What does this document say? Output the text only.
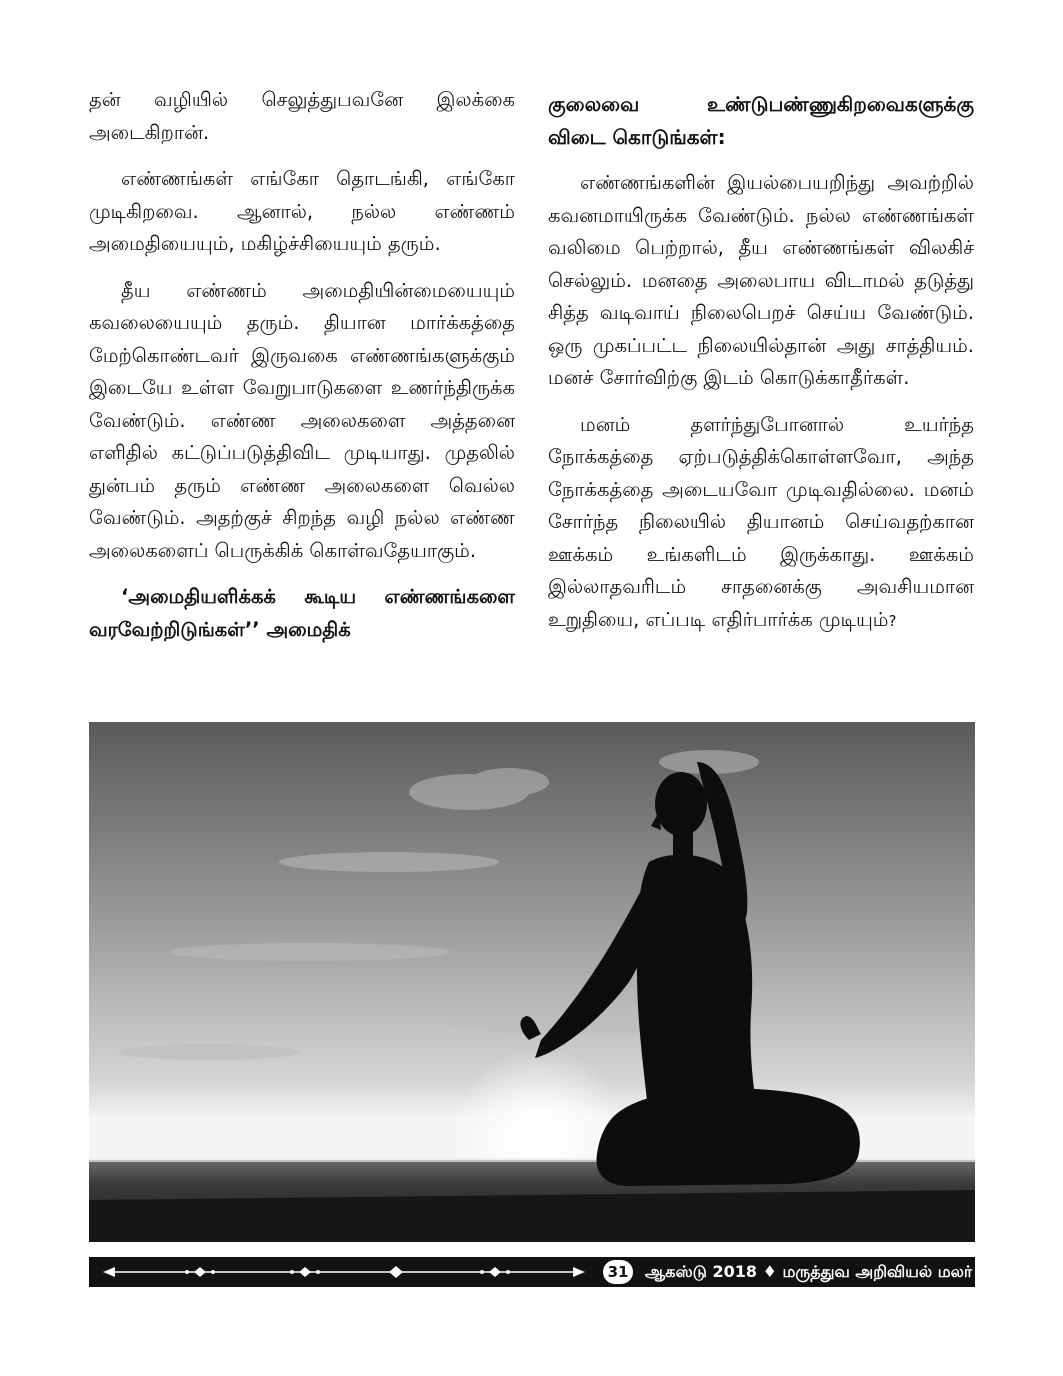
தன் வழியில் செலுத்துபவனே இலக்கை அடைகிறான்.

எண்ணங்கள் எங்கோ தொடங்கி, எங்கோ முடிகிறவை. ஆனால், நல்ல எண்ணம் அமைதியையும், மகிழ்ச்சியையும் தரும்.

தீய எண்ணம் அமைதியின்மையையும் கவலையையும் தரும். தியான மார்க்கத்தை மேற்கொண்டவர் இருவகை எண்ணங்களுக்கும் இடையே உள்ள வேறுபாடுகளை உணர்ந்திருக்க வேண்டும். எண்ண அலைகளை அத்தனை எளிதில் கட்டுப்படுத்திவிட முடியாது. முதலில் துன்பம் தரும் எண்ண அலைகளை வெல்ல வேண்டும். அதற்குச் சிறந்த வழி நல்ல எண்ண அலைகளைப் பெருக்கிக் கொள்வதேயாகும்.

‘அமைதியளிக்கக் கூடிய எண்ணங்களை வரவேற்றிடுங்கள்’’ அமைதிக்

குலைவை உண்டுபண்ணுகிறவைகளுக்கு விடை கொடுங்கள்:

எண்ணங்களின் இயல்பையறிந்து அவற்றில் கவனமாயிருக்க வேண்டும். நல்ல எண்ணங்கள் வலிமை பெற்றால், தீய எண்ணங்கள் விலகிச் செல்லும். மனதை அலைபாய விடாமல் தடுத்து சித்த வடிவாய் நிலைபெறச் செய்ய வேண்டும். ஒரு முகப்பட்ட நிலையில்தான் அது சாத்தியம். மனச் சோர்விற்கு இடம் கொடுக்காதீர்கள்.

மனம் தளர்ந்துபோனால் உயர்ந்த நோக்கத்தை ஏற்படுத்திக்கொள்ளவோ, அந்த நோக்கத்தை அடையவோ முடிவதில்லை. மனம் சோர்ந்த நிலையில் தியானம் செய்வதற்கான ஊக்கம் உங்களிடம் இருக்காது. ஊக்கம் இல்லாதவரிடம் சாதனைக்கு அவசியமான உறுதியை, எப்படி எதிர்பார்க்க முடியும்?

31 ஆகஸ்டு 2018 ♦ மருத்துவ அறிவியல் மலர்
